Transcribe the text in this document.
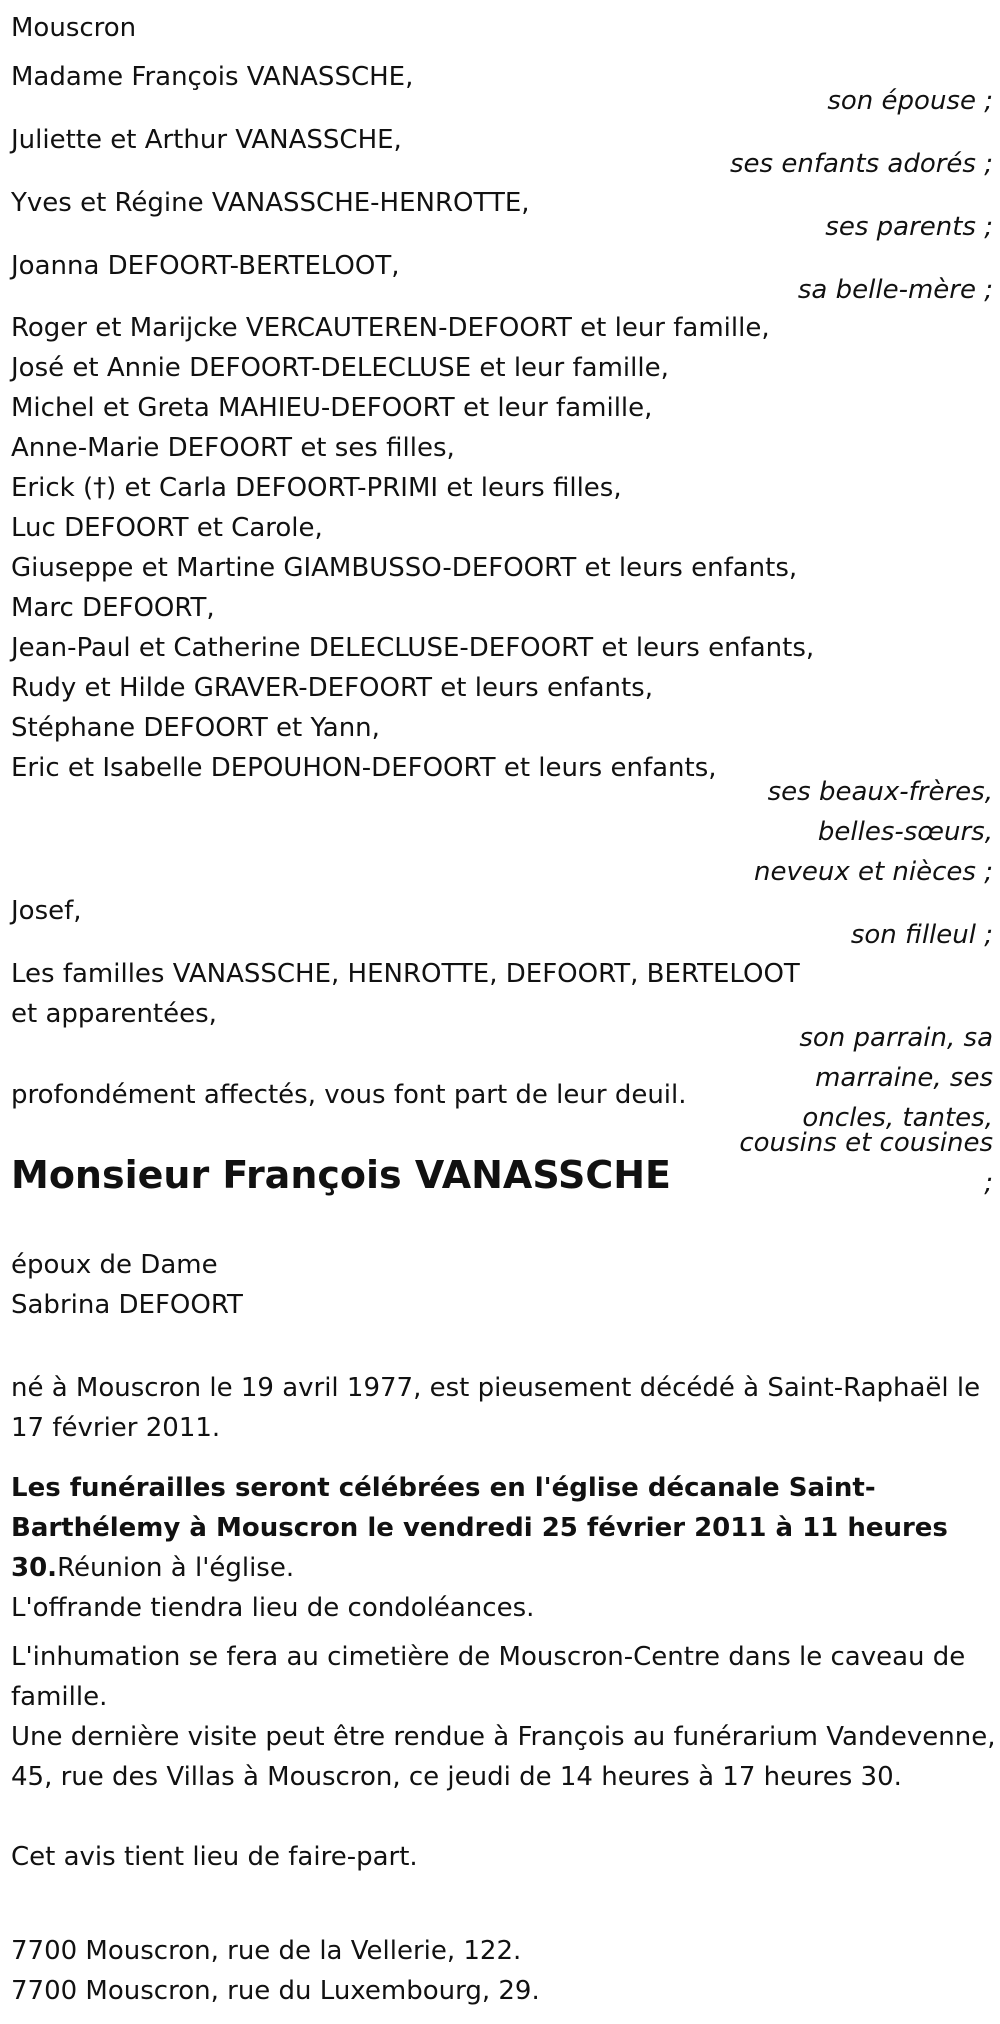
Mouscron
Madame François VANASSCHE,
son épouse ;
Juliette et Arthur VANASSCHE,
ses enfants adorés ;
Yves et Régine VANASSCHE-HENROTTE,
ses parents ;
Joanna DEFOORT-BERTELOOT,
sa belle-mère ;
Roger et Marijcke VERCAUTEREN-DEFOORT et leur famille,
José et Annie DEFOORT-DELECLUSE et leur famille,
Michel et Greta MAHIEU-DEFOORT et leur famille,
Anne-Marie DEFOORT et ses filles,
Erick (†) et Carla DEFOORT-PRIMI et leurs filles,
Luc DEFOORT et Carole,
Giuseppe et Martine GIAMBUSSO-DEFOORT et leurs enfants,
Marc DEFOORT,
Jean-Paul et Catherine DELECLUSE-DEFOORT et leurs enfants,
Rudy et Hilde GRAVER-DEFOORT et leurs enfants,
Stéphane DEFOORT et Yann,
Eric et Isabelle DEPOUHON-DEFOORT et leurs enfants,
ses beaux-frères,
belles-sœurs,
neveux et nièces ;
Josef,
son filleul ;
Les familles VANASSCHE, HENROTTE, DEFOORT, BERTELOOT
et apparentées,
son parrain, sa
marraine, ses
profondément affectés, vous font part de leur deuil.
oncles, tantes,
cousins et cousines
Monsieur François VANASSCHE	;
époux de Dame
Sabrina DEFOORT
né à Mouscron le 19 avril 1977, est pieusement décédé à Saint-Raphaël le 17 février 2011.
Les funérailles seront célébrées en l'église décanale Saint-Barthélemy à Mouscron le vendredi 25 février 2011 à 11 heures 30.Réunion à l'église.
L'offrande tiendra lieu de condoléances.
L'inhumation se fera au cimetière de Mouscron-Centre dans le caveau de famille.
Une dernière visite peut être rendue à François au funérarium Vandevenne, 45, rue des Villas à Mouscron, ce jeudi de 14 heures à 17 heures 30.
Cet avis tient lieu de faire-part.
7700 Mouscron, rue de la Vellerie, 122.
7700 Mouscron, rue du Luxembourg, 29.
